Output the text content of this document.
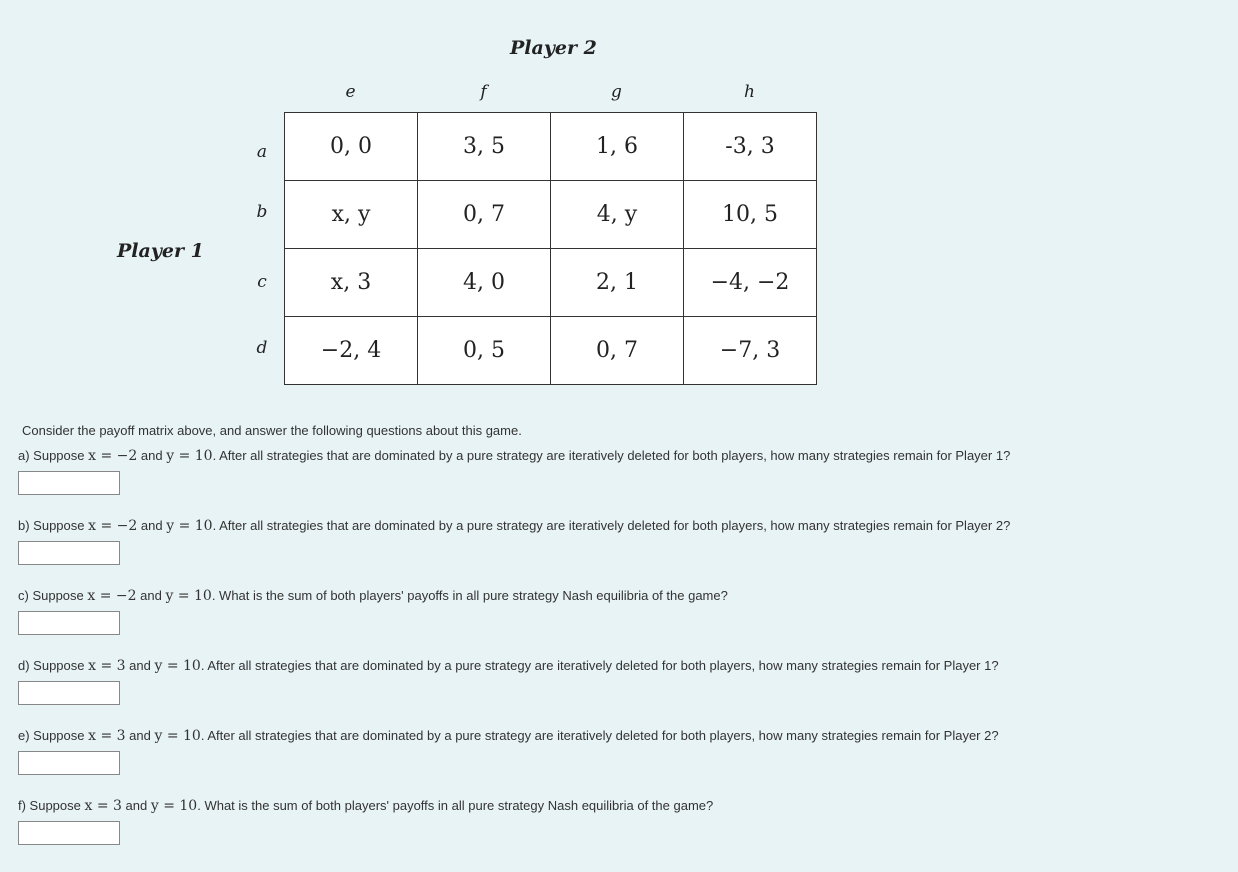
Player 2
Player 1
e	f	g	h
a
b
c
d
0, 0	3, 5	1, 6	-3, 3
x, y	0, 7	4, y	10, 5
x, 3	4, 0	2, 1	−4, −2
−2, 4	0, 5	0, 7	−7, 3

Consider the payoff matrix above, and answer the following questions about this game.

a) Suppose x = −2 and y = 10. After all strategies that are dominated by a pure strategy are iteratively deleted for both players, how many strategies remain for Player 1?

b) Suppose x = −2 and y = 10. After all strategies that are dominated by a pure strategy are iteratively deleted for both players, how many strategies remain for Player 2?

c) Suppose x = −2 and y = 10. What is the sum of both players' payoffs in all pure strategy Nash equilibria of the game?

d) Suppose x = 3 and y = 10. After all strategies that are dominated by a pure strategy are iteratively deleted for both players, how many strategies remain for Player 1?

e) Suppose x = 3 and y = 10. After all strategies that are dominated by a pure strategy are iteratively deleted for both players, how many strategies remain for Player 2?

f) Suppose x = 3 and y = 10. What is the sum of both players' payoffs in all pure strategy Nash equilibria of the game?
